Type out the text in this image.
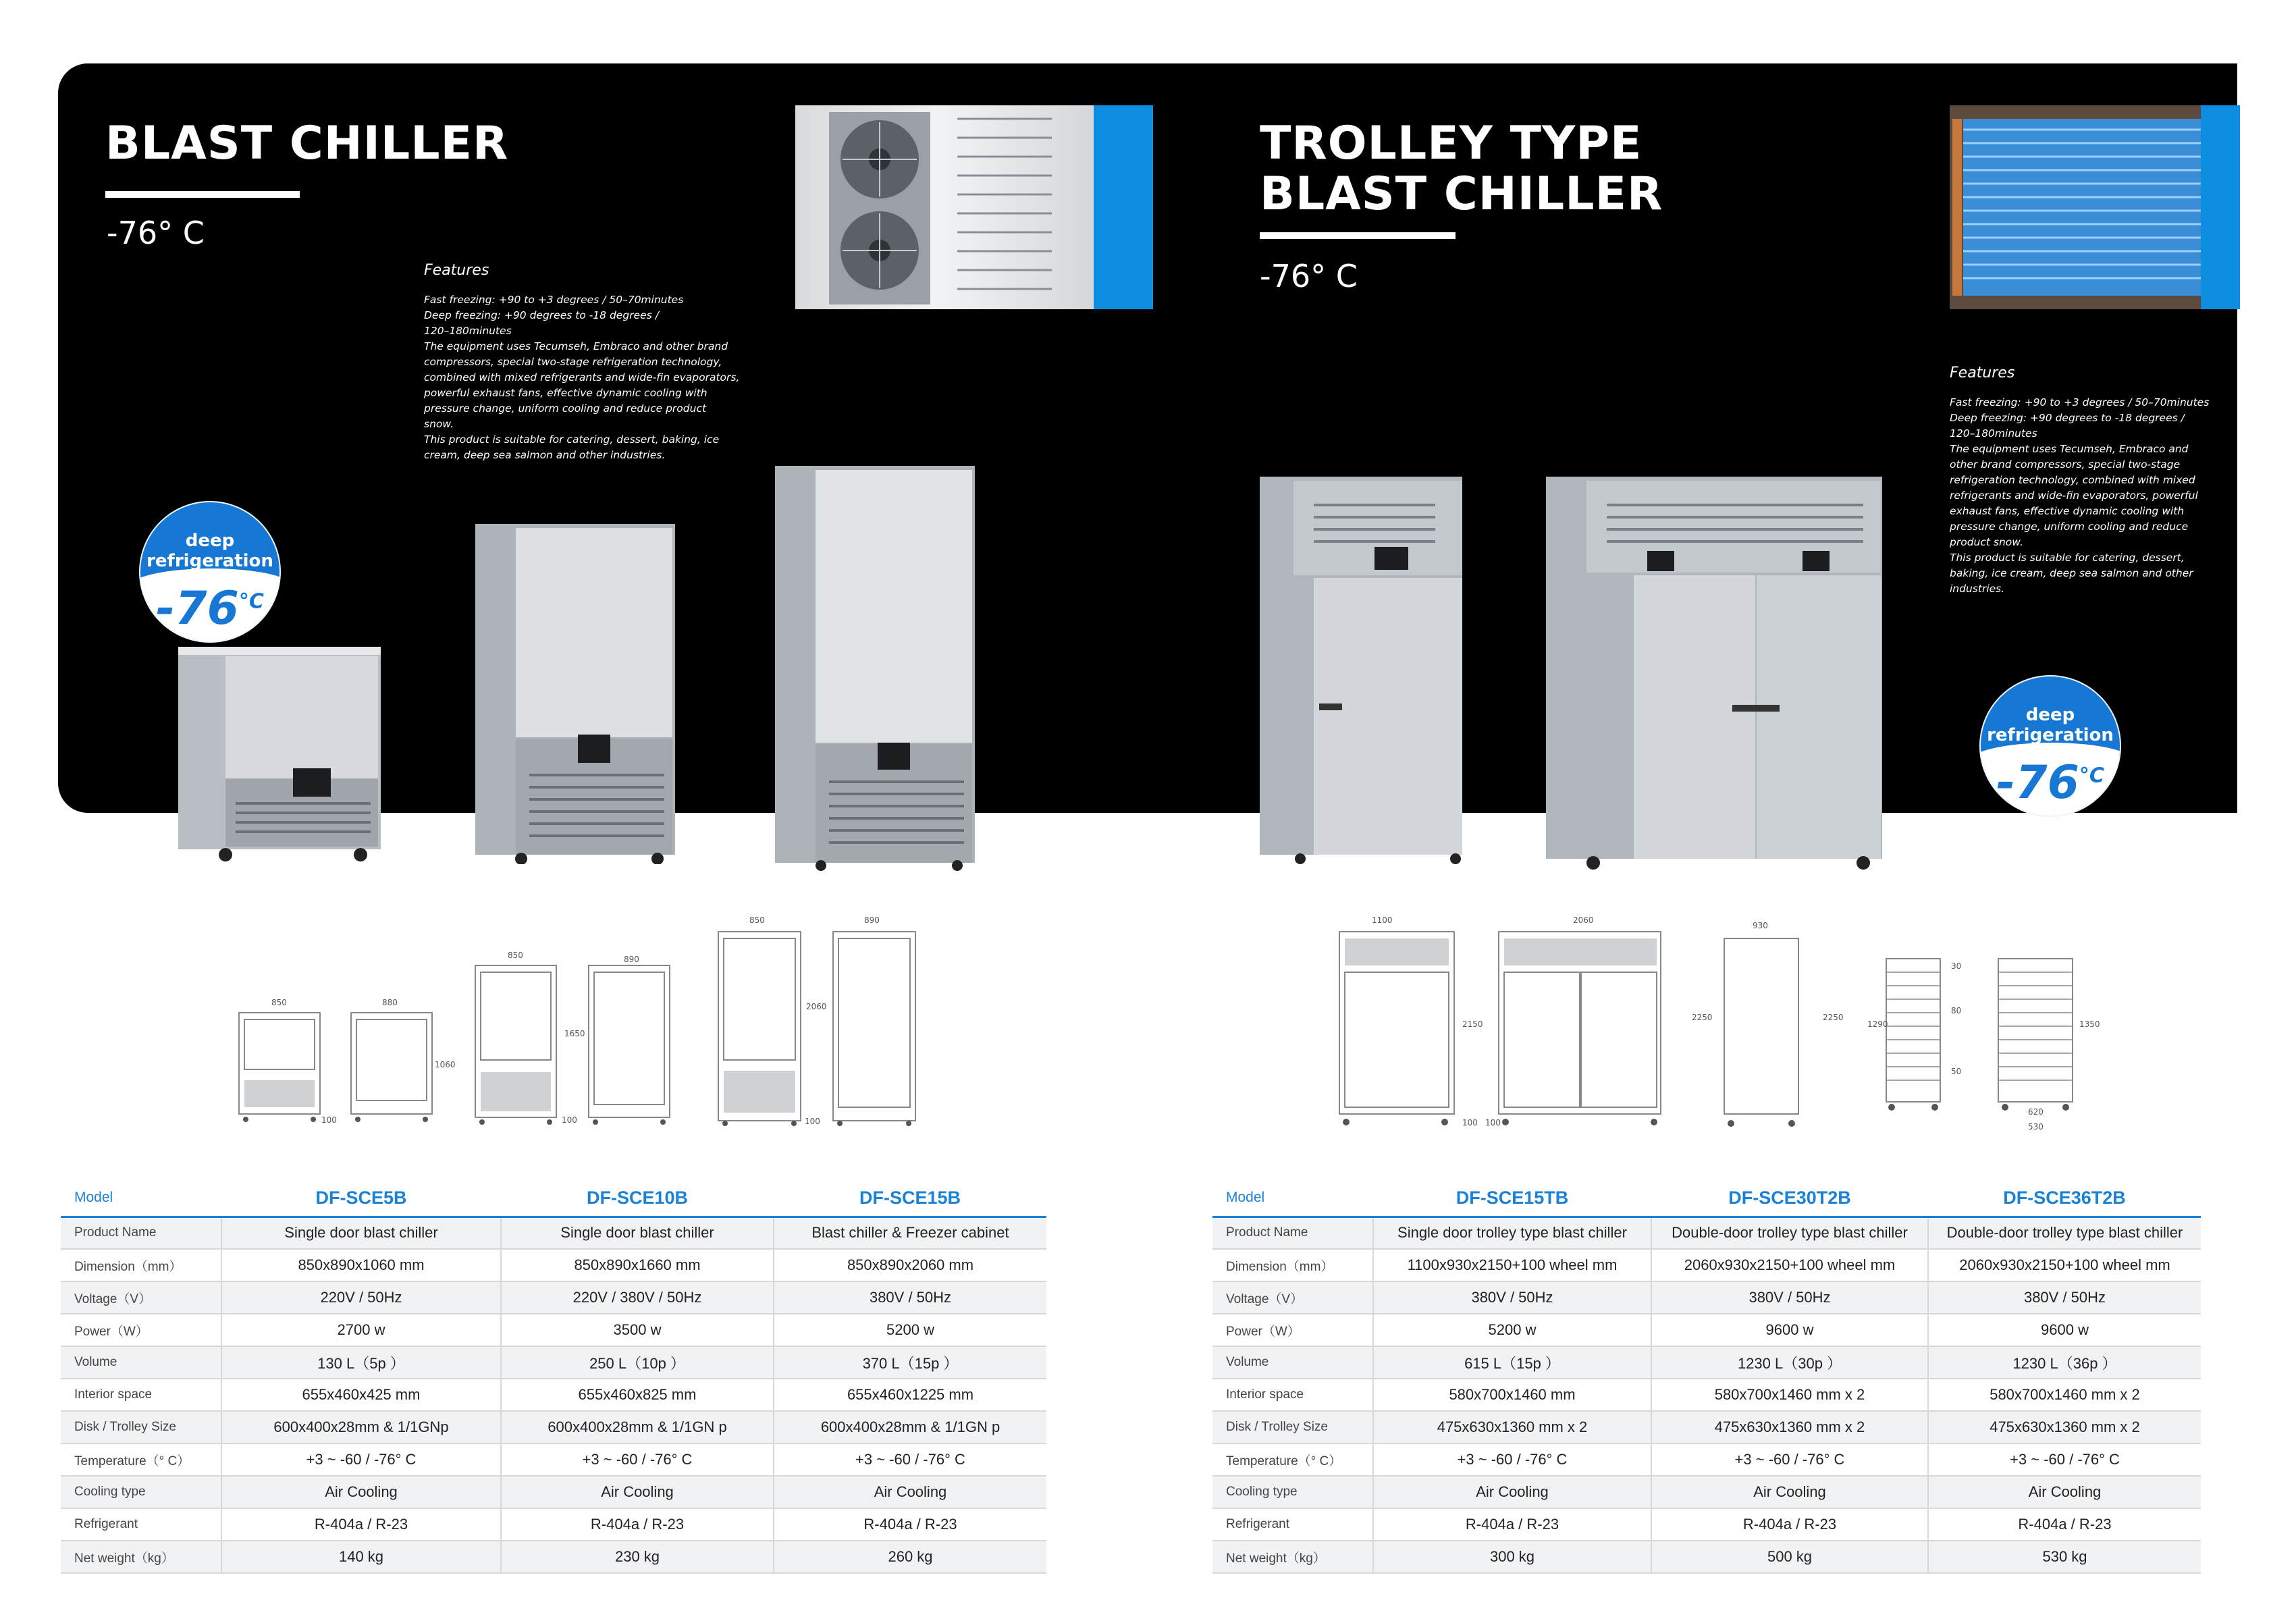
BLAST CHILLER
-76° C
Features

Fast freezing: +90 to +3 degrees / 50–70minutes

Deep freezing: +90 degrees to -18 degrees /

120–180minutes

The equipment uses Tecumseh, Embraco and other brand

compressors, special two-stage refrigeration technology,

combined with mixed refrigerants and wide-fin evaporators,

powerful exhaust fans, effective dynamic cooling with

pressure change, uniform cooling and reduce product

snow.

This product is suitable for catering, dessert, baking, ice

cream, deep sea salmon and other industries.

deep
refrigeration
$-76^{^\circ C}$
TROLLEY TYPE
BLAST CHILLER
-76° C
Features

Fast freezing: +90 to +3 degrees / 50–70minutes

Deep freezing: +90 degrees to -18 degrees /

120–180minutes

The equipment uses Tecumseh, Embraco and

other brand compressors, special two-stage

refrigeration technology, combined with mixed

refrigerants and wide-fin evaporators, powerful

exhaust fans, effective dynamic cooling with

pressure change, uniform cooling and reduce

product snow.

This product is suitable for catering, dessert,

baking, ice cream, deep sea salmon and other

industries.

deep
refrigeration
$-76^{^\circ C}$
850	880
1060
100
850	890
1650
100
850	890
2060
100
1100
2150
100
2060
100
930
2250	2250
30
1290
80
50
1350
620
530
Model	DF-SCE5B	DF-SCE10B	DF-SCE15B
Product Name	Single door blast chiller	Single door blast chiller	Blast chiller & Freezer cabinet
Dimension（mm）	850x890x1060 mm	850x890x1660 mm	850x890x2060 mm
Voltage（V）	220V / 50Hz	220V / 380V / 50Hz	380V / 50Hz
Power（W）	2700 w	3500 w	5200 w
Volume	130 L（5p ）	250 L（10p ）	370 L（15p ）
Interior space	655x460x425 mm	655x460x825 mm	655x460x1225 mm
Disk / Trolley Size	600x400x28mm & 1/1GNp	600x400x28mm & 1/1GN p	600x400x28mm & 1/1GN p
Temperature（° C）	+3 ~ -60 / -76° C	+3 ~ -60 / -76° C	+3 ~ -60 / -76° C
Cooling type	Air Cooling	Air Cooling	Air Cooling
Refrigerant	R-404a / R-23	R-404a / R-23	R-404a / R-23
Net weight（kg）	140 kg	230 kg	260 kg
Model	DF-SCE15TB	DF-SCE30T2B	DF-SCE36T2B
Product Name	Single door trolley type blast chiller	Double-door trolley type blast chiller	Double-door trolley type blast chiller
Dimension（mm）	1100x930x2150+100 wheel mm	2060x930x2150+100 wheel mm	2060x930x2150+100 wheel mm
Voltage（V）	380V / 50Hz	380V / 50Hz	380V / 50Hz
Power（W）	5200 w	9600 w	9600 w
Volume	615 L（15p ）	1230 L（30p ）	1230 L（36p ）
Interior space	580x700x1460 mm	580x700x1460 mm x 2	580x700x1460 mm x 2
Disk / Trolley Size	475x630x1360 mm x 2	475x630x1360 mm x 2	475x630x1360 mm x 2
Temperature（° C）	+3 ~ -60 / -76° C	+3 ~ -60 / -76° C	+3 ~ -60 / -76° C
Cooling type	Air Cooling	Air Cooling	Air Cooling
Refrigerant	R-404a / R-23	R-404a / R-23	R-404a / R-23
Net weight（kg）	300 kg	500 kg	530 kg
